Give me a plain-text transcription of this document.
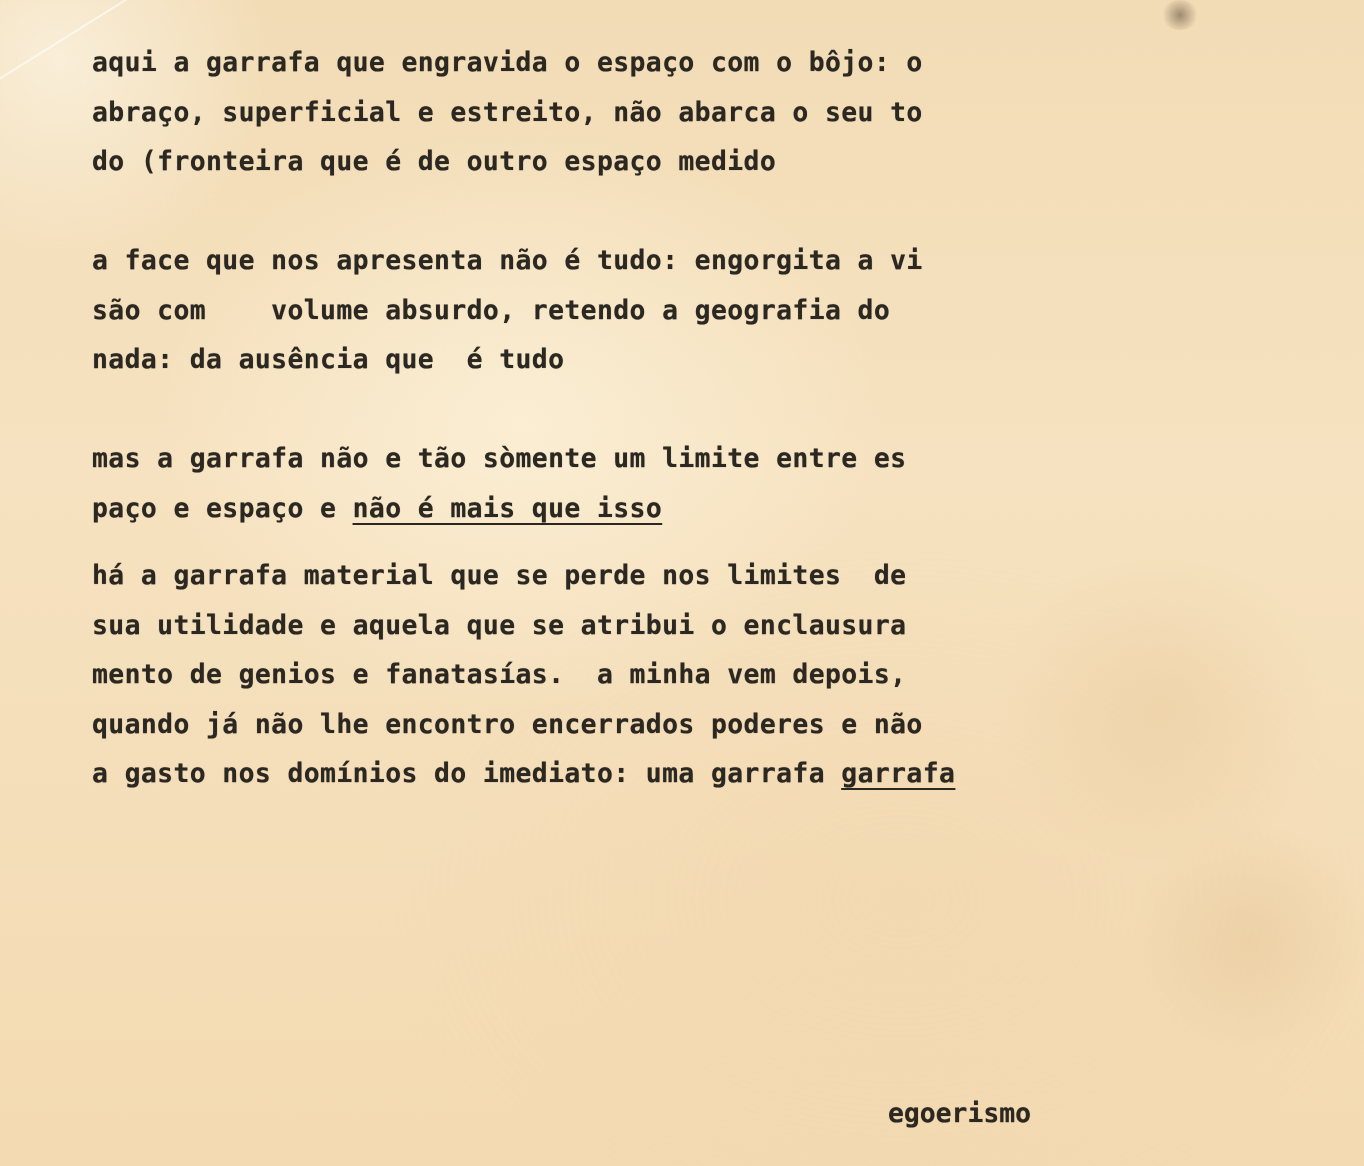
aqui a garrafa que engravida o espaço com o bôjo: o
abraço, superficial e estreito, não abarca o seu to
do (fronteira que é de outro espaço medido
a face que nos apresenta não é tudo: engorgita a vi
são com    volume absurdo, retendo a geografia do
nada: da ausência que  é tudo
mas a garrafa não e tão sòmente um limite entre es
paço e espaço e não é mais que isso
há a garrafa material que se perde nos limites  de
sua utilidade e aquela que se atribui o enclausura
mento de genios e fanatasías.  a minha vem depois,
quando já não lhe encontro encerrados poderes e não
a gasto nos domínios do imediato: uma garrafa garrafa
egoerismo
